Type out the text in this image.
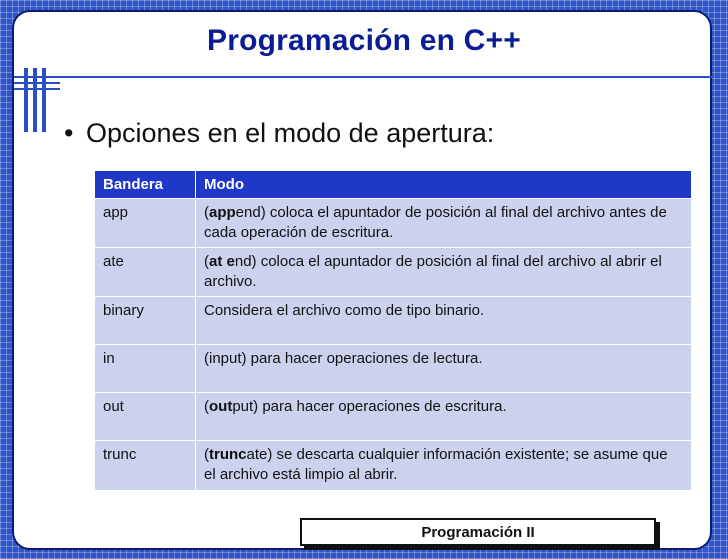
Programación en C++
• Opciones en el modo de apertura:
Bandera	Modo
app	(append) coloca el apuntador de posición al final del archivo antes de cada operación de escritura.
ate	(at end) coloca el apuntador de posición al final del archivo al abrir el archivo.
binary	Considera el archivo como de tipo binario.
in	(input) para hacer operaciones de lectura.
out	(output) para hacer operaciones de escritura.
trunc	(truncate) se descarta cualquier información existente; se asume que el archivo está limpio al abrir.
Programación II
